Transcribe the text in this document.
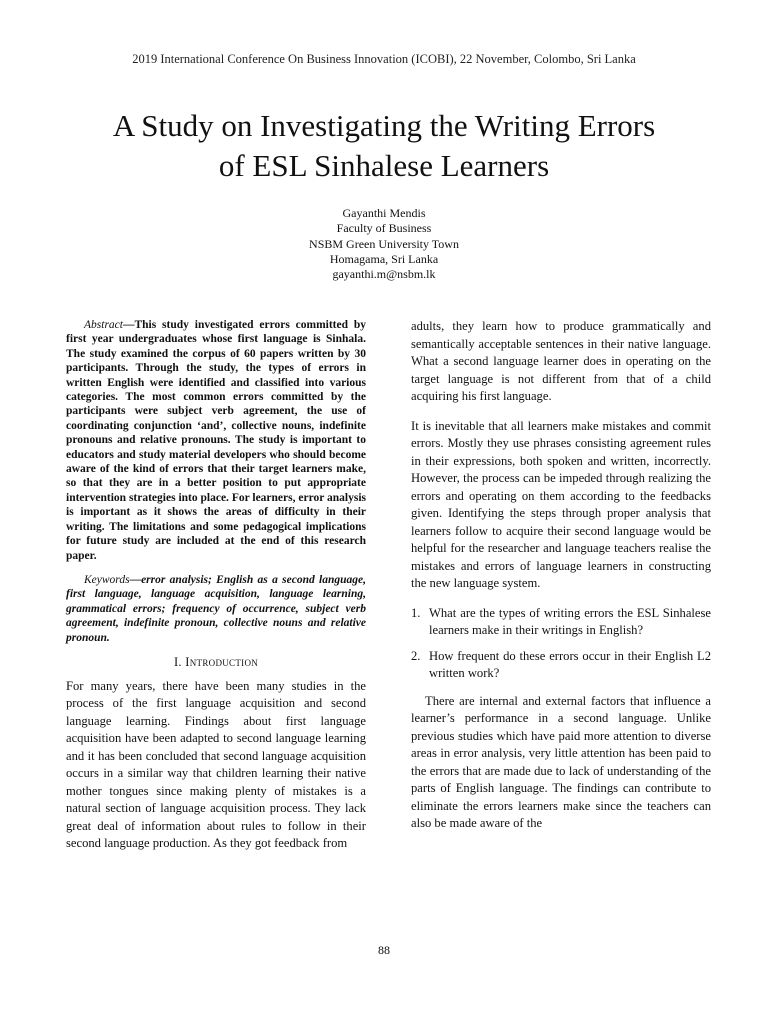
2019 International Conference On Business Innovation (ICOBI), 22 November, Colombo, Sri Lanka
A Study on Investigating the Writing Errors
of ESL Sinhalese Learners
Gayanthi Mendis
Faculty of Business
NSBM Green University Town
Homagama, Sri Lanka
gayanthi.m@nsbm.lk

Abstract—This study investigated errors committed by first year undergraduates whose first language is Sinhala. The study examined the corpus of 60 papers written by 30 participants. Through the study, the types of errors in written English were identified and classified into various categories. The most common errors committed by the participants were subject verb agreement, the use of coordinating conjunction ‘and’, collective nouns, indefinite pronouns and relative pronouns. The study is important to educators and study material developers who should become aware of the kind of errors that their target learners make, so that they are in a better position to put appropriate intervention strategies into place. For learners, error analysis is important as it shows the areas of difficulty in their writing. The limitations and some pedagogical implications for future study are included at the end of this research paper.

Keywords—error analysis; English as a second language, first language, language acquisition, language learning, grammatical errors; frequency of occurrence, subject verb agreement, indefinite pronoun, collective nouns and relative pronoun.

I. Introduction

For many years, there have been many studies in the process of the first language acquisition and second language learning. Findings about first language acquisition have been adapted to second language learning and it has been concluded that second language acquisition occurs in a similar way that children learning their native mother tongues since making plenty of mistakes is a natural section of language acquisition process. They lack great deal of information about rules to follow in their second language production. As they got feedback from

adults, they learn how to produce grammatically and semantically acceptable sentences in their native language. What a second language learner does in operating on the target language is not different from that of a child acquiring his first language.

It is inevitable that all learners make mistakes and commit errors. Mostly they use phrases consisting agreement rules in their expressions, both spoken and written, incorrectly. However, the process can be impeded through realizing the errors and operating on them according to the feedbacks given. Identifying the steps through proper analysis that learners follow to acquire their second language would be helpful for the researcher and language teachers realise the mistakes and errors of language learners in constructing the new language system.

1. What are the types of writing errors the ESL Sinhalese learners make in their writings in English?
2. How frequent do these errors occur in their English L2 written work?

There are internal and external factors that influence a learner’s performance in a second language. Unlike previous studies which have paid more attention to diverse areas in error analysis, very little attention has been paid to the errors that are made due to lack of understanding of the parts of English language. The findings can contribute to eliminate the errors learners make since the teachers can also be made aware of the

88
